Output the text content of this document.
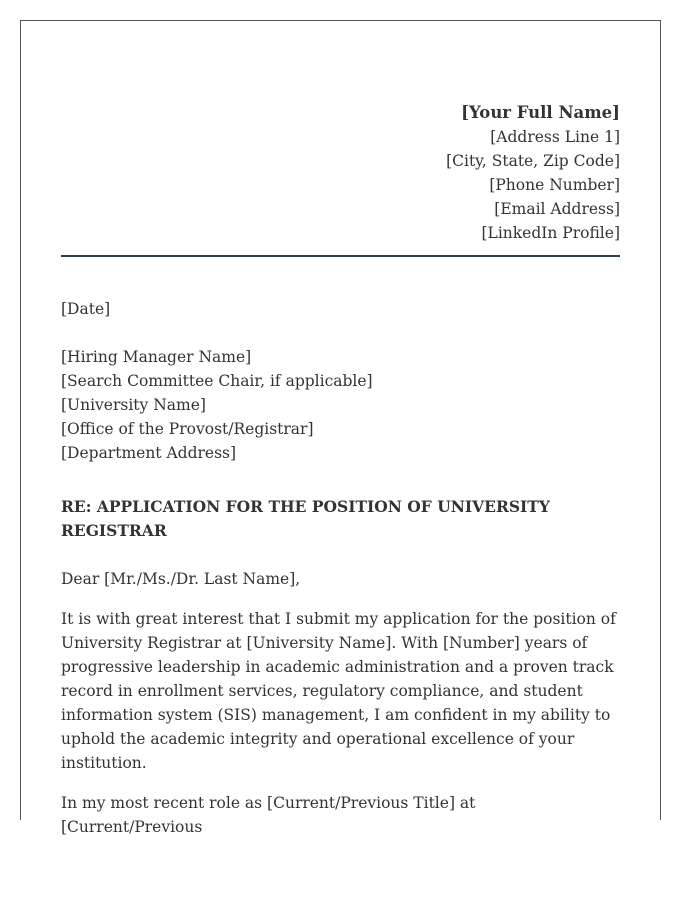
[Your Full Name]
[Address Line 1]
[City, State, Zip Code]
[Phone Number]
[Email Address]
[LinkedIn Profile]
[Date]
[Hiring Manager Name]
[Search Committee Chair, if applicable]
[University Name]
[Office of the Provost/Registrar]
[Department Address]
RE: APPLICATION FOR THE POSITION OF UNIVERSITY REGISTRAR
Dear [Mr./Ms./Dr. Last Name],
It is with great interest that I submit my application for the position of University Registrar at [University Name]. With [Number] years of progressive leadership in academic administration and a proven track record in enrollment services, regulatory compliance, and student information system (SIS) management, I am confident in my ability to uphold the academic integrity and operational excellence of your institution.
In my most recent role as [Current/Previous Title] at [Current/Previous
